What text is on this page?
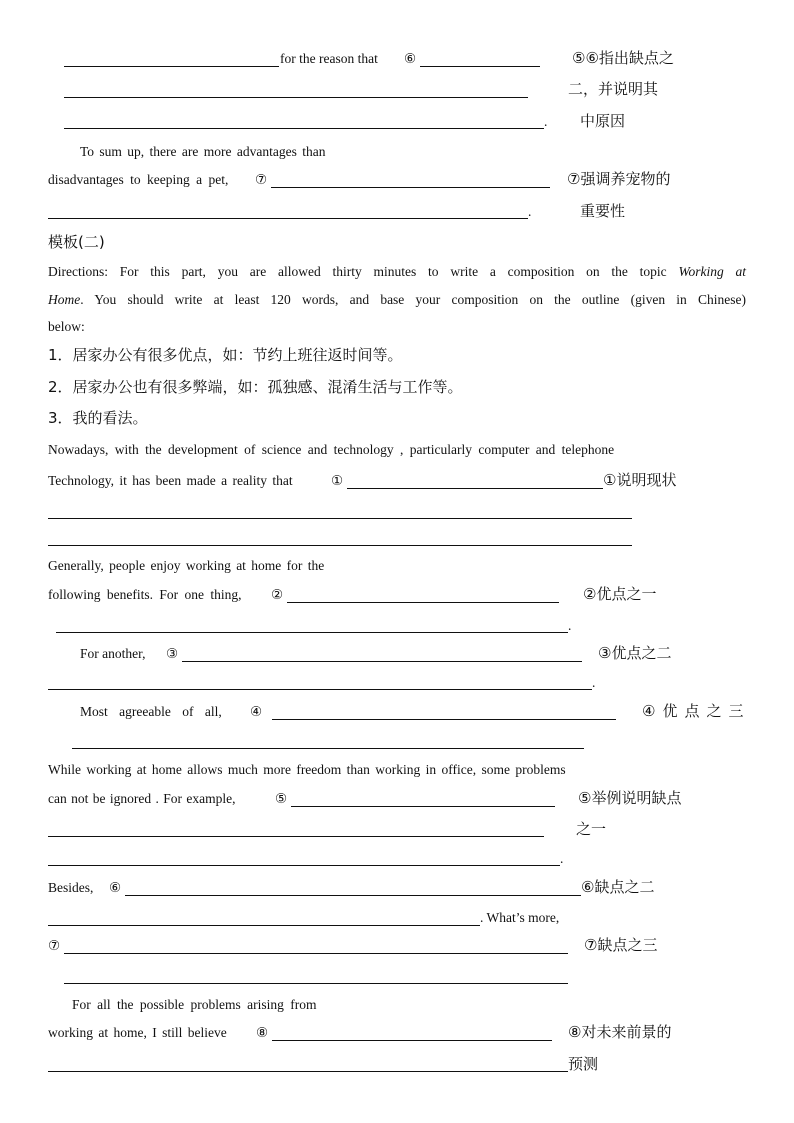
for the reason that ⑥	⑤⑥指出缺点之
二，并说明其
. 中原因
To sum up, there are more advantages than
disadvantages to keeping a pet, ⑦	⑦强调养宠物的
.	重要性
模板(二)
Directions: For this part, you are allowed thirty minutes to write a composition on the topic Working at
Home. You should write at least 120 words, and base your composition on the outline (given in Chinese)
below:
1．居家办公有很多优点，如：节约上班往返时间等。
2．居家办公也有很多弊端，如：孤独感、混淆生活与工作等。
3．我的看法。
Nowadays, with the development of science and technology , particularly computer and telephone
Technology, it has been made a reality that	①	①说明现状
Generally, people enjoy working at home for the
following benefits. For one thing, ②	②优点之一
.
For another, ③	③优点之二
.
Most agreeable of all, ④	④优点之三
While working at home allows much more freedom than working in office, some problems
can not be ignored . For example,	⑤	⑤举例说明缺点
之一
.
Besides, ⑥	⑥缺点之二
. What’s more,
⑦	⑦缺点之三
For all the possible problems arising from
working at home, I still believe ⑧	⑧对未来前景的
预测
